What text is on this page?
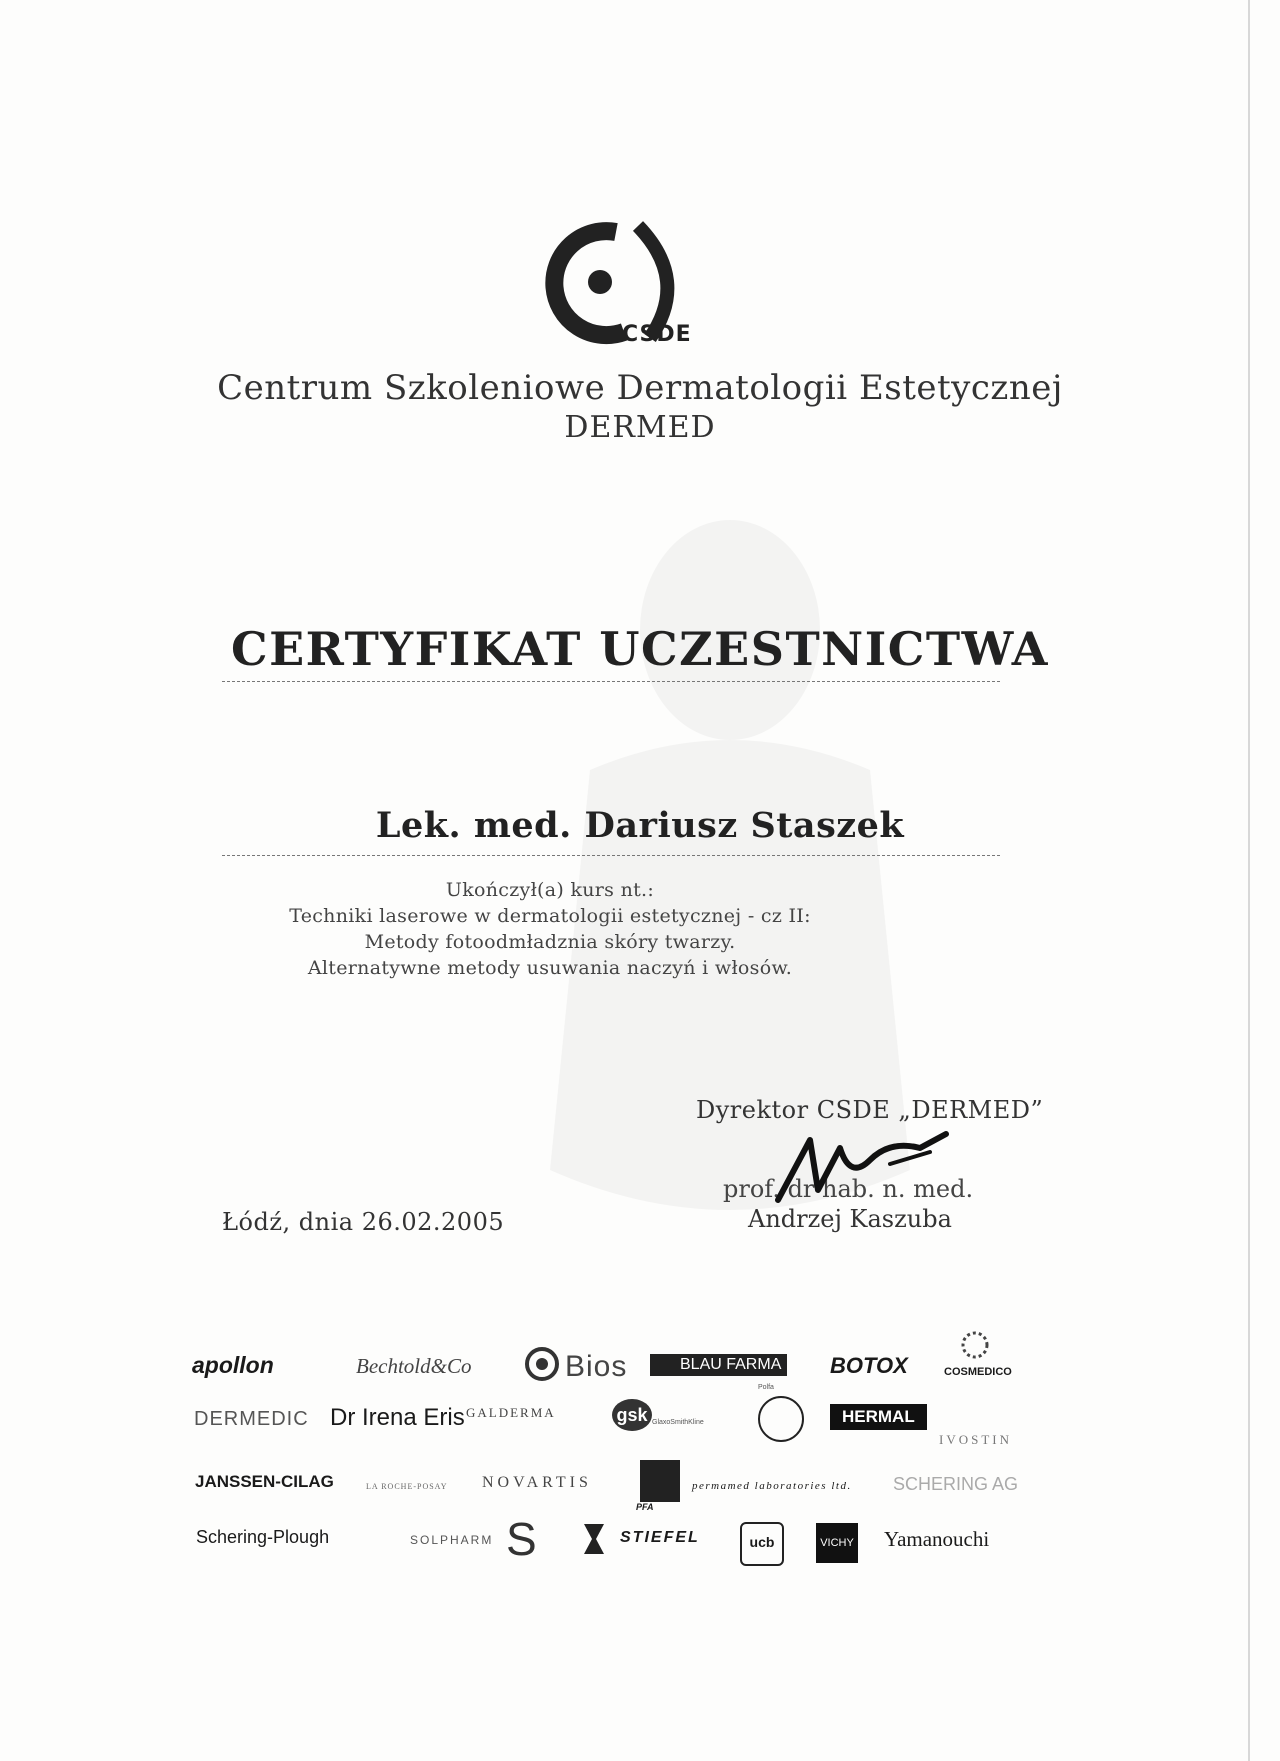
CSDE
Centrum Szkoleniowe Dermatologii Estetycznej
DERMED
CERTYFIKAT UCZESTNICTWA
Lek. med. Dariusz Staszek
Ukończył(a) kurs nt.:
Techniki laserowe w dermatologii estetycznej - cz II:
Metody fotoodmładznia skóry twarzy.
Alternatywne metody usuwania naczyń i włosów.
Dyrektor CSDE „DERMED”
prof. dr hab. n. med.
Andrzej Kaszuba
Łódź, dnia 26.02.2005
apollon	Bechtold&Co	Bios	BLAU FARMA BOTOX	COSMEDICO
DERMEDIC Dr Irena Eris GALDERMA	gsk GlaxoSmithKline
Polfa
HERMAL
IVOSTIN
JANSSEN-CILAG	LA ROCHE-POSAY NOVARTIS
PFA
permamed laboratories ltd. SCHERING AG
Schering-Plough	SOLPHARM S	STIEFEL	ucb	VICHY Yamanouchi
